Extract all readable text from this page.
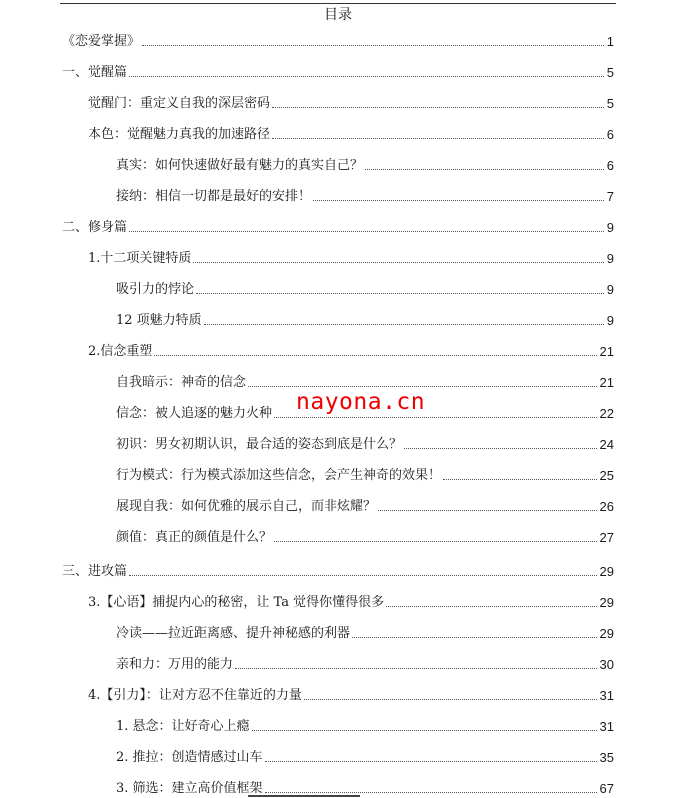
目录
《恋爱掌握》	1
一、觉醒篇	5
觉醒门：重定义自我的深层密码	5
本色：觉醒魅力真我的加速路径	6
真实：如何快速做好最有魅力的真实自己？	6
接纳：相信一切都是最好的安排！	7
二、修身篇	9
1.十二项关键特质	9
吸引力的悖论	9
12 项魅力特质	9
2.信念重塑	21
自我暗示：神奇的信念	21
信念：被人追逐的魅力火种	22
初识：男女初期认识，最合适的姿态到底是什么？	24
行为模式：行为模式添加这些信念，会产生神奇的效果！	25
展现自我：如何优雅的展示自己，而非炫耀？	26
颜值：真正的颜值是什么？	27
三、进攻篇	29
3.【心语】捕捉内心的秘密，让 Ta 觉得你懂得很多	29
冷读——拉近距离感、提升神秘感的利器	29
亲和力：万用的能力	30
4.【引力】：让对方忍不住靠近的力量	31
1. 悬念：让好奇心上瘾	31
2. 推拉：创造情感过山车	35
3. 筛选：建立高价值框架	67
nayona.cn
